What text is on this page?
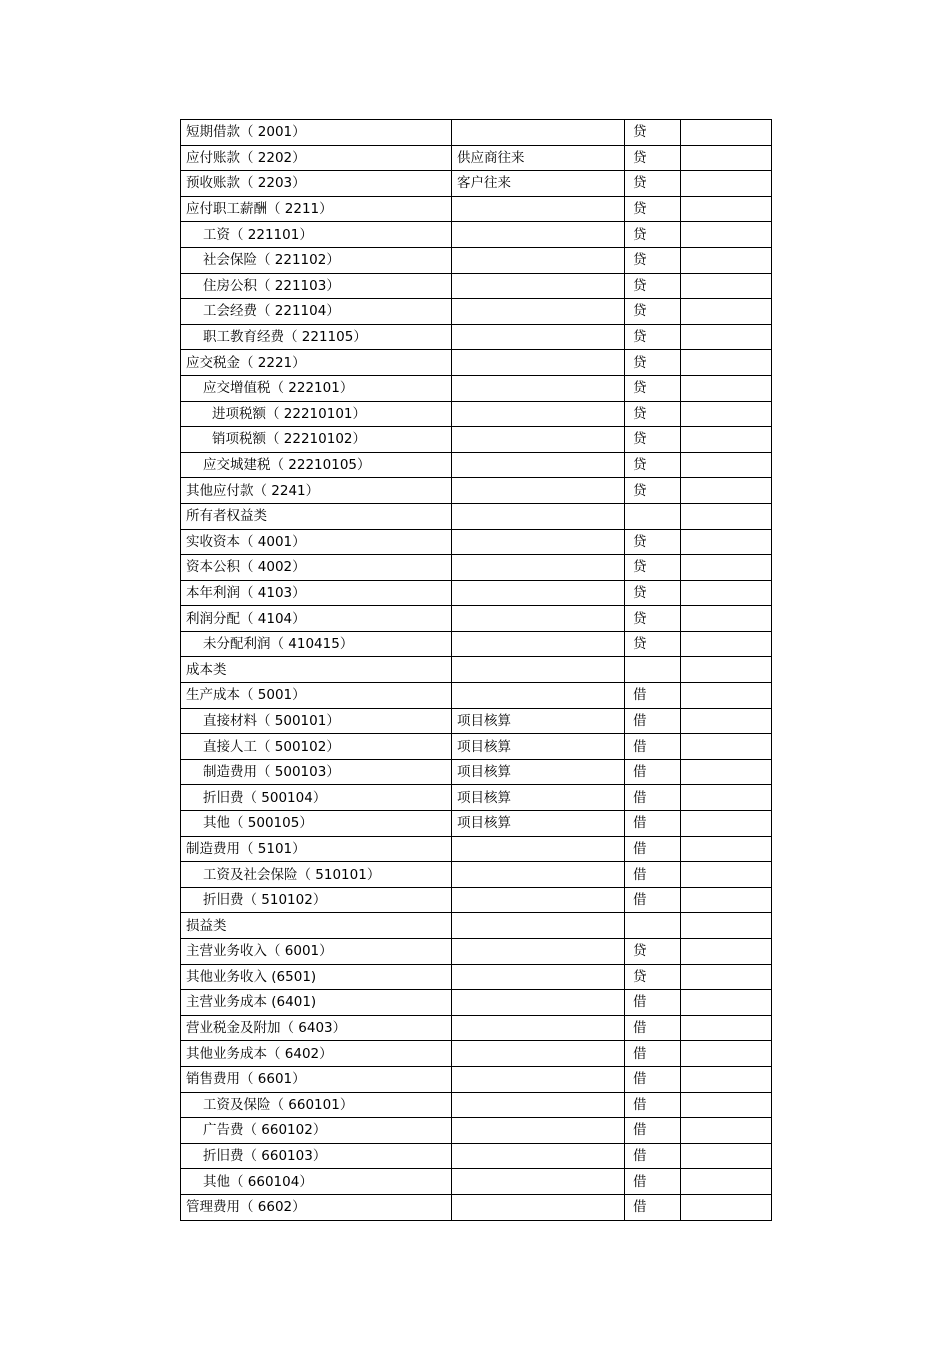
短期借款（ 2001）		贷	
应付账款（ 2202）	供应商往来	贷	
预收账款（ 2203）	客户往来	贷	
应付职工薪酬（ 2211）		贷	
工资（ 221101）		贷	
社会保险（ 221102）		贷	
住房公积（ 221103）		贷	
工会经费（ 221104）		贷	
职工教育经费（ 221105）		贷	
应交税金（ 2221）		贷	
应交增值税（ 222101）		贷	
进项税额（ 22210101）		贷	
销项税额（ 22210102）		贷	
应交城建税（ 22210105）		贷	
其他应付款（ 2241）		贷	
所有者权益类			
实收资本（ 4001）		贷	
资本公积（ 4002）		贷	
本年利润（ 4103）		贷	
利润分配（ 4104）		贷	
未分配利润（ 410415）		贷	
成本类			
生产成本（ 5001）		借	
直接材料（ 500101）	项目核算	借	
直接人工（ 500102）	项目核算	借	
制造费用（ 500103）	项目核算	借	
折旧费（ 500104）	项目核算	借	
其他（ 500105）	项目核算	借	
制造费用（ 5101）		借	
工资及社会保险（ 510101）		借	
折旧费（ 510102）		借	
损益类			
主营业务收入（ 6001）		贷	
其他业务收入 (6501)		贷	
主营业务成本 (6401)		借	
营业税金及附加（ 6403）		借	
其他业务成本（ 6402）		借	
销售费用（ 6601）		借	
工资及保险（ 660101）		借	
广告费（ 660102）		借	
折旧费（ 660103）		借	
其他（ 660104）		借	
管理费用（ 6602）		借	
